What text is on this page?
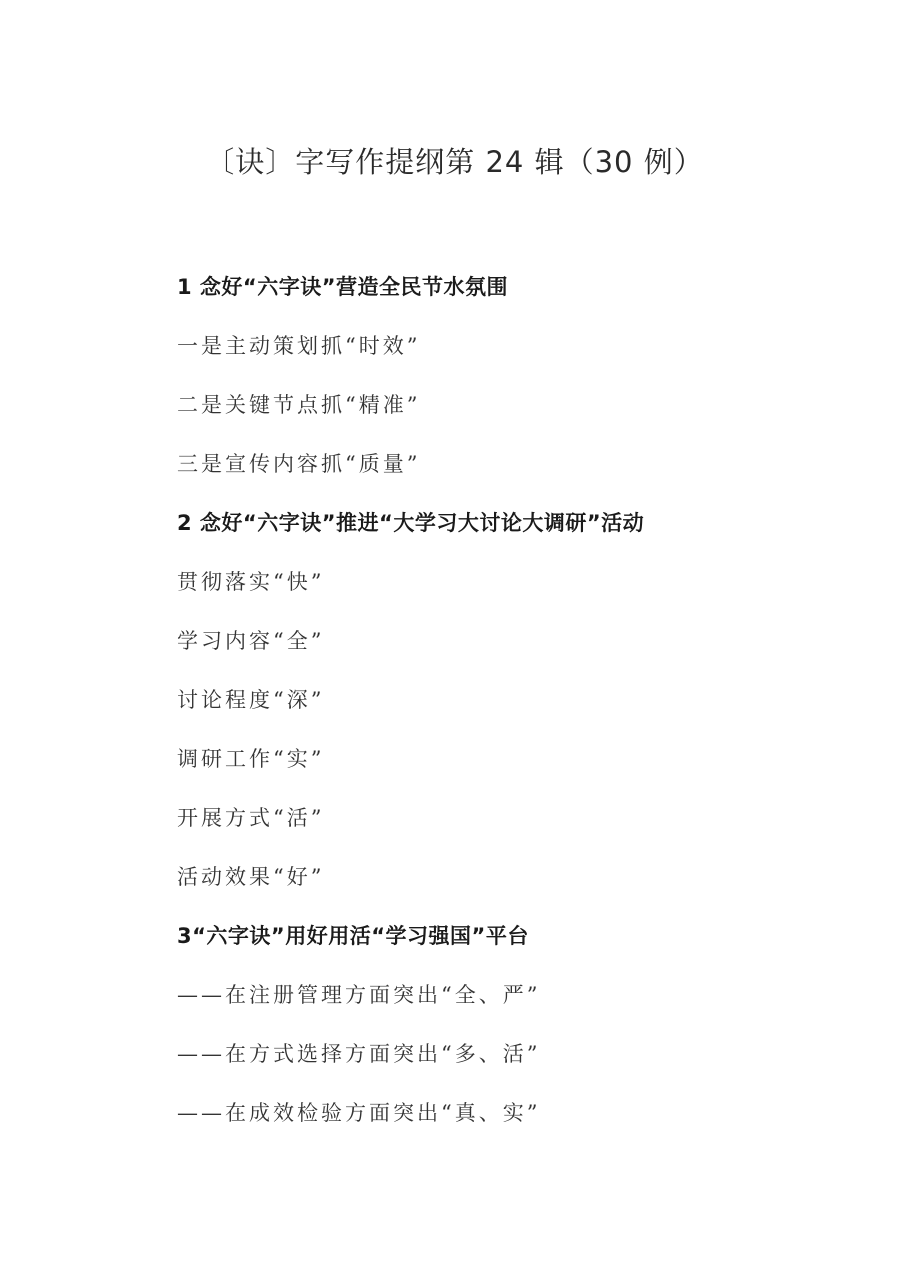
〔诀〕字写作提纲第 24 辑（30 例）
1 念好“六字诀”营造全民节水氛围
一是主动策划抓“时效”
二是关键节点抓“精准”
三是宣传内容抓“质量”
2 念好“六字诀”推进“大学习大讨论大调研”活动
贯彻落实“快”
学习内容“全”
讨论程度“深”
调研工作“实”
开展方式“活”
活动效果“好”
3“六字诀”用好用活“学习强国”平台
——在注册管理方面突出“全、严”
——在方式选择方面突出“多、活”
——在成效检验方面突出“真、实”
